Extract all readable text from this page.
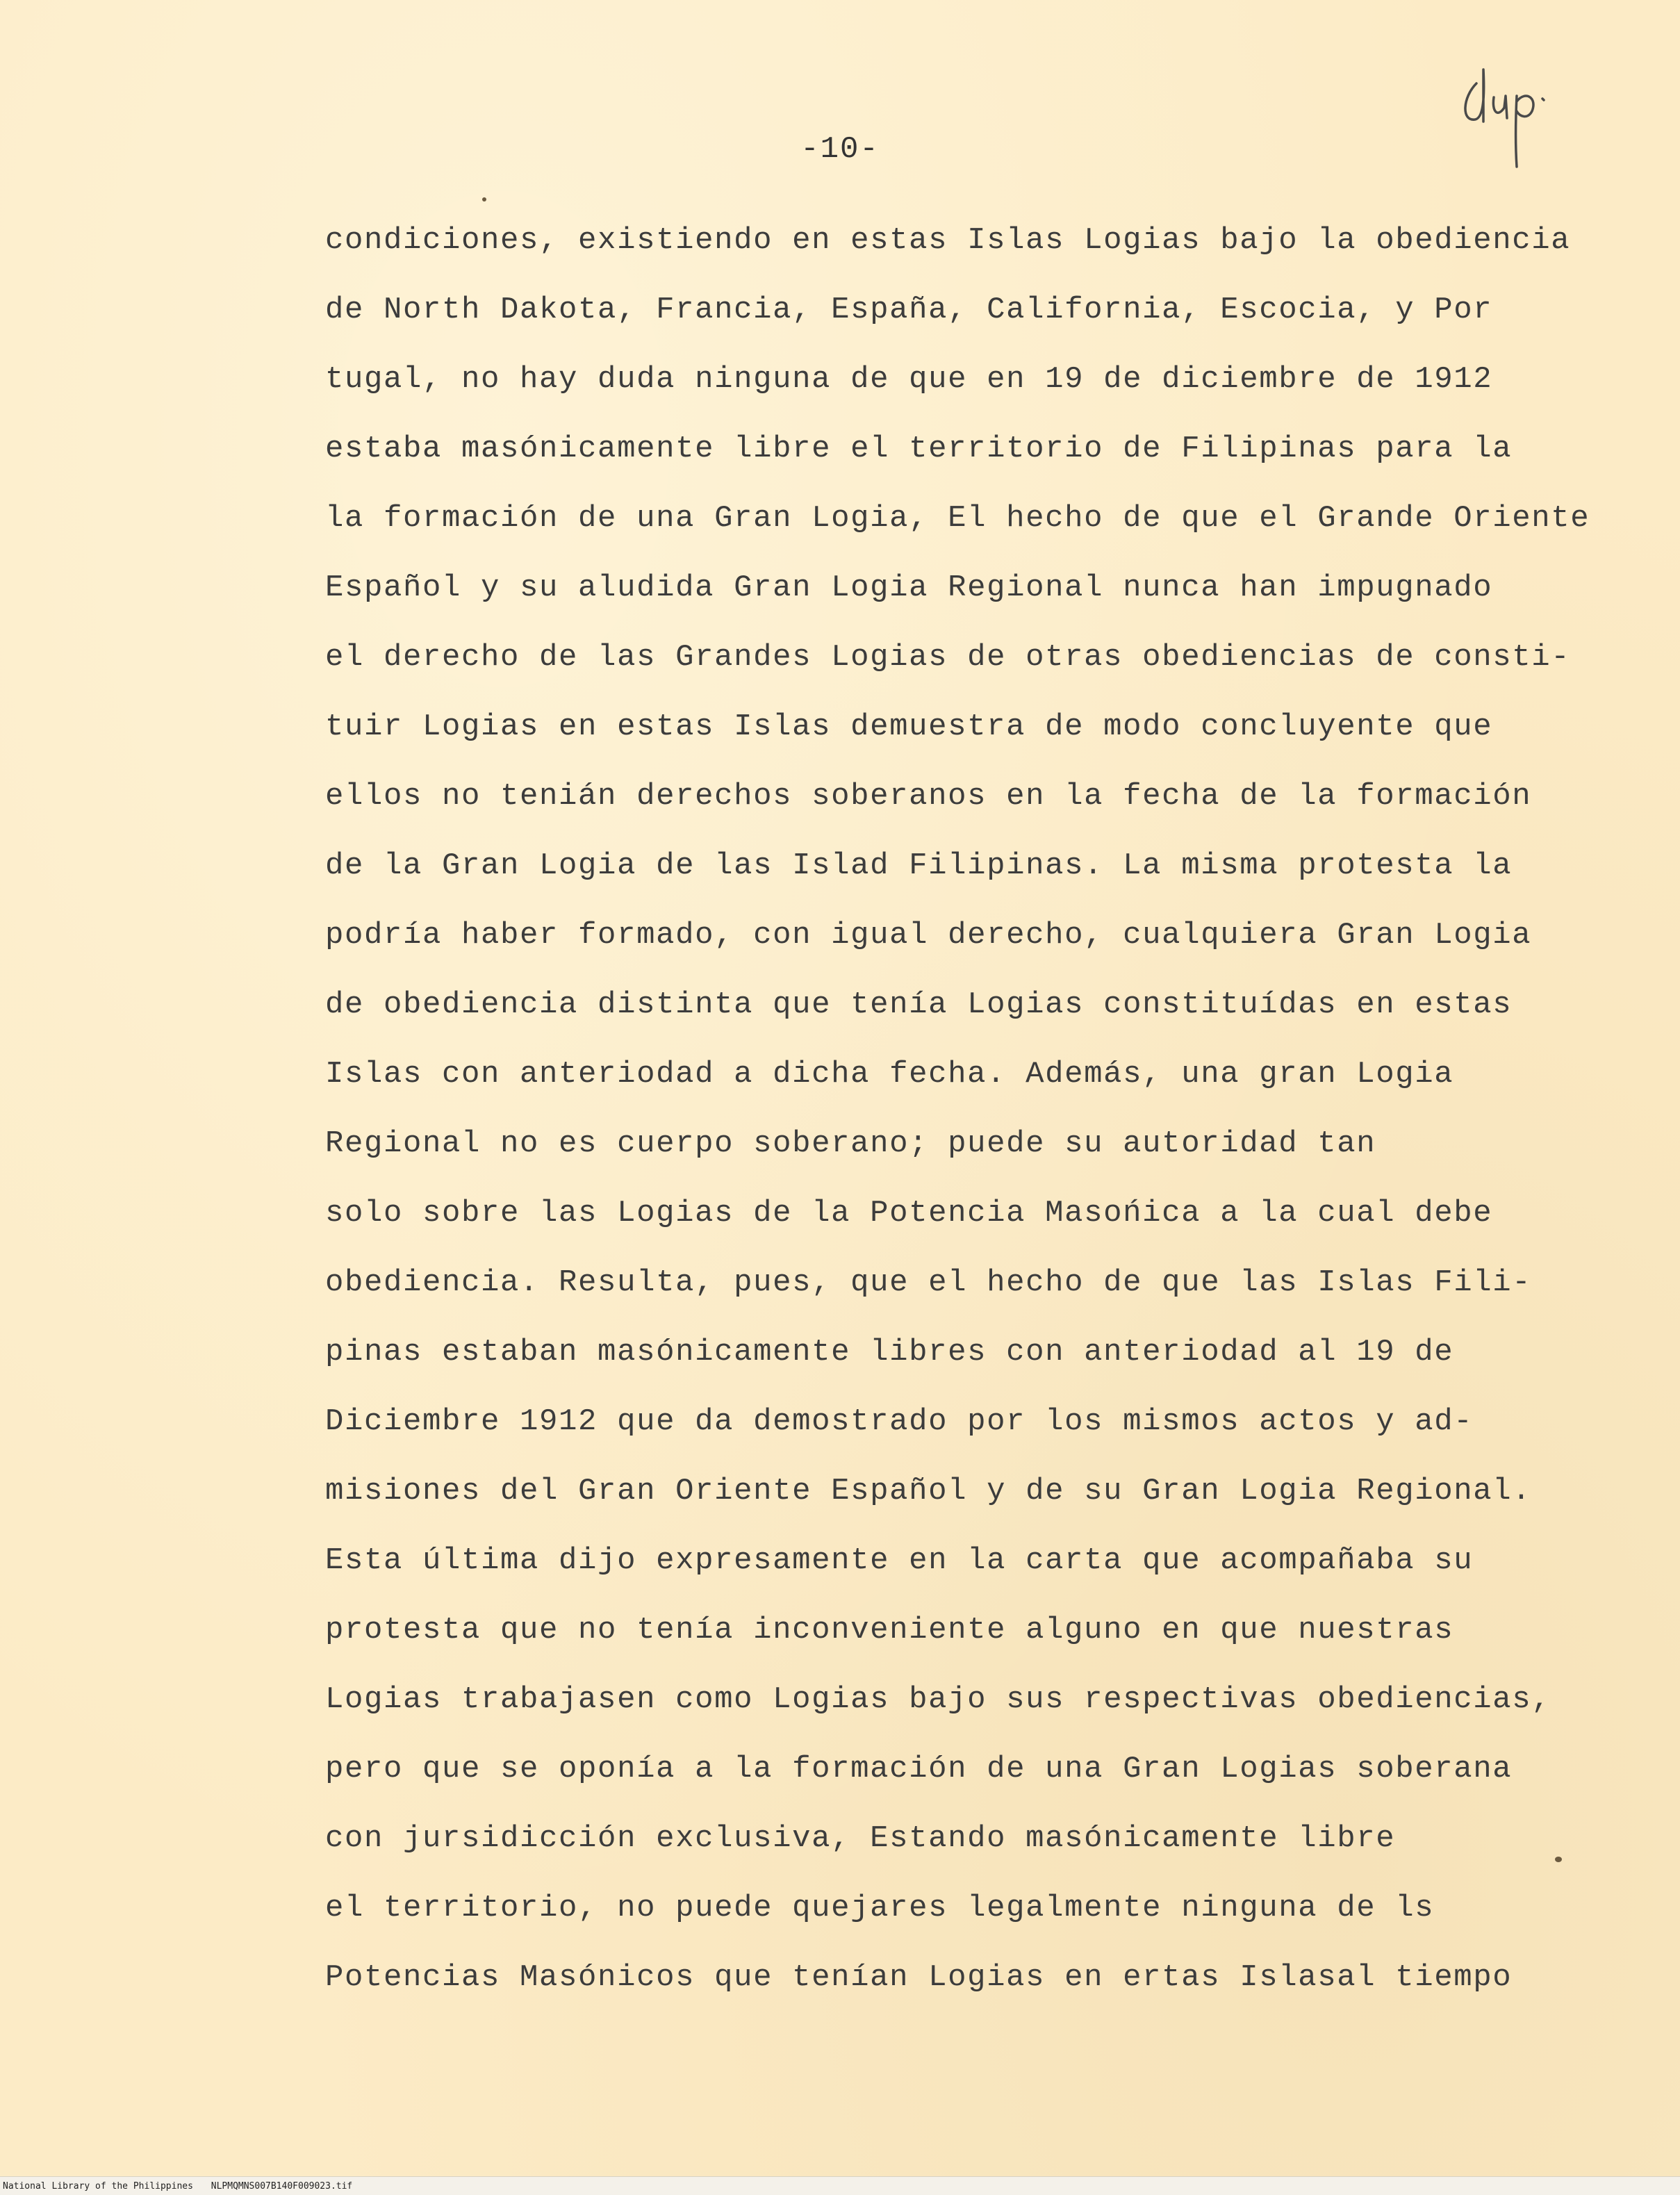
-10-
condiciones, existiendo en estas Islas Logias bajo la obediencia
de North Dakota, Francia, España, California, Escocia, y Por
tugal, no hay duda ninguna de que en 19 de diciembre de 1912
estaba masónicamente libre el territorio de Filipinas para la
la formación de una Gran Logia, El hecho de que el Grande Oriente
Español y su aludida Gran Logia Regional nunca han impugnado
el derecho de las Grandes Logias de otras obediencias de consti-
tuir Logias en estas Islas demuestra de modo concluyente que
ellos no tenián derechos soberanos en la fecha de la formación
de la Gran Logia de las Islad Filipinas. La misma protesta la
podría haber formado, con igual derecho, cualquiera Gran Logia
de obediencia distinta que tenía Logias constituídas en estas
Islas con anteriodad a dicha fecha. Además, una gran Logia
Regional no es cuerpo soberano; puede su autoridad tan
solo sobre las Logias de la Potencia Masońica a la cual debe
obediencia. Resulta, pues, que el hecho de que las Islas Fili-
pinas estaban masónicamente libres con anteriodad al 19 de
Diciembre 1912 que da demostrado por los mismos actos y ad-
misiones del Gran Oriente Español y de su Gran Logia Regional.
Esta última dijo expresamente en la carta que acompañaba su
protesta que no tenía inconveniente alguno en que nuestras
Logias trabajasen como Logias bajo sus respectivas obediencias,
pero que se oponía a la formación de una Gran Logias soberana
con jursidicción exclusiva, Estando masónicamente libre
el territorio, no puede quejares legalmente ninguna de ls
Potencias Masónicos que tenían Logias en ertas Islasal tiempo
National Library of the Philippines NLPMQMNS007B140F009023.tif
